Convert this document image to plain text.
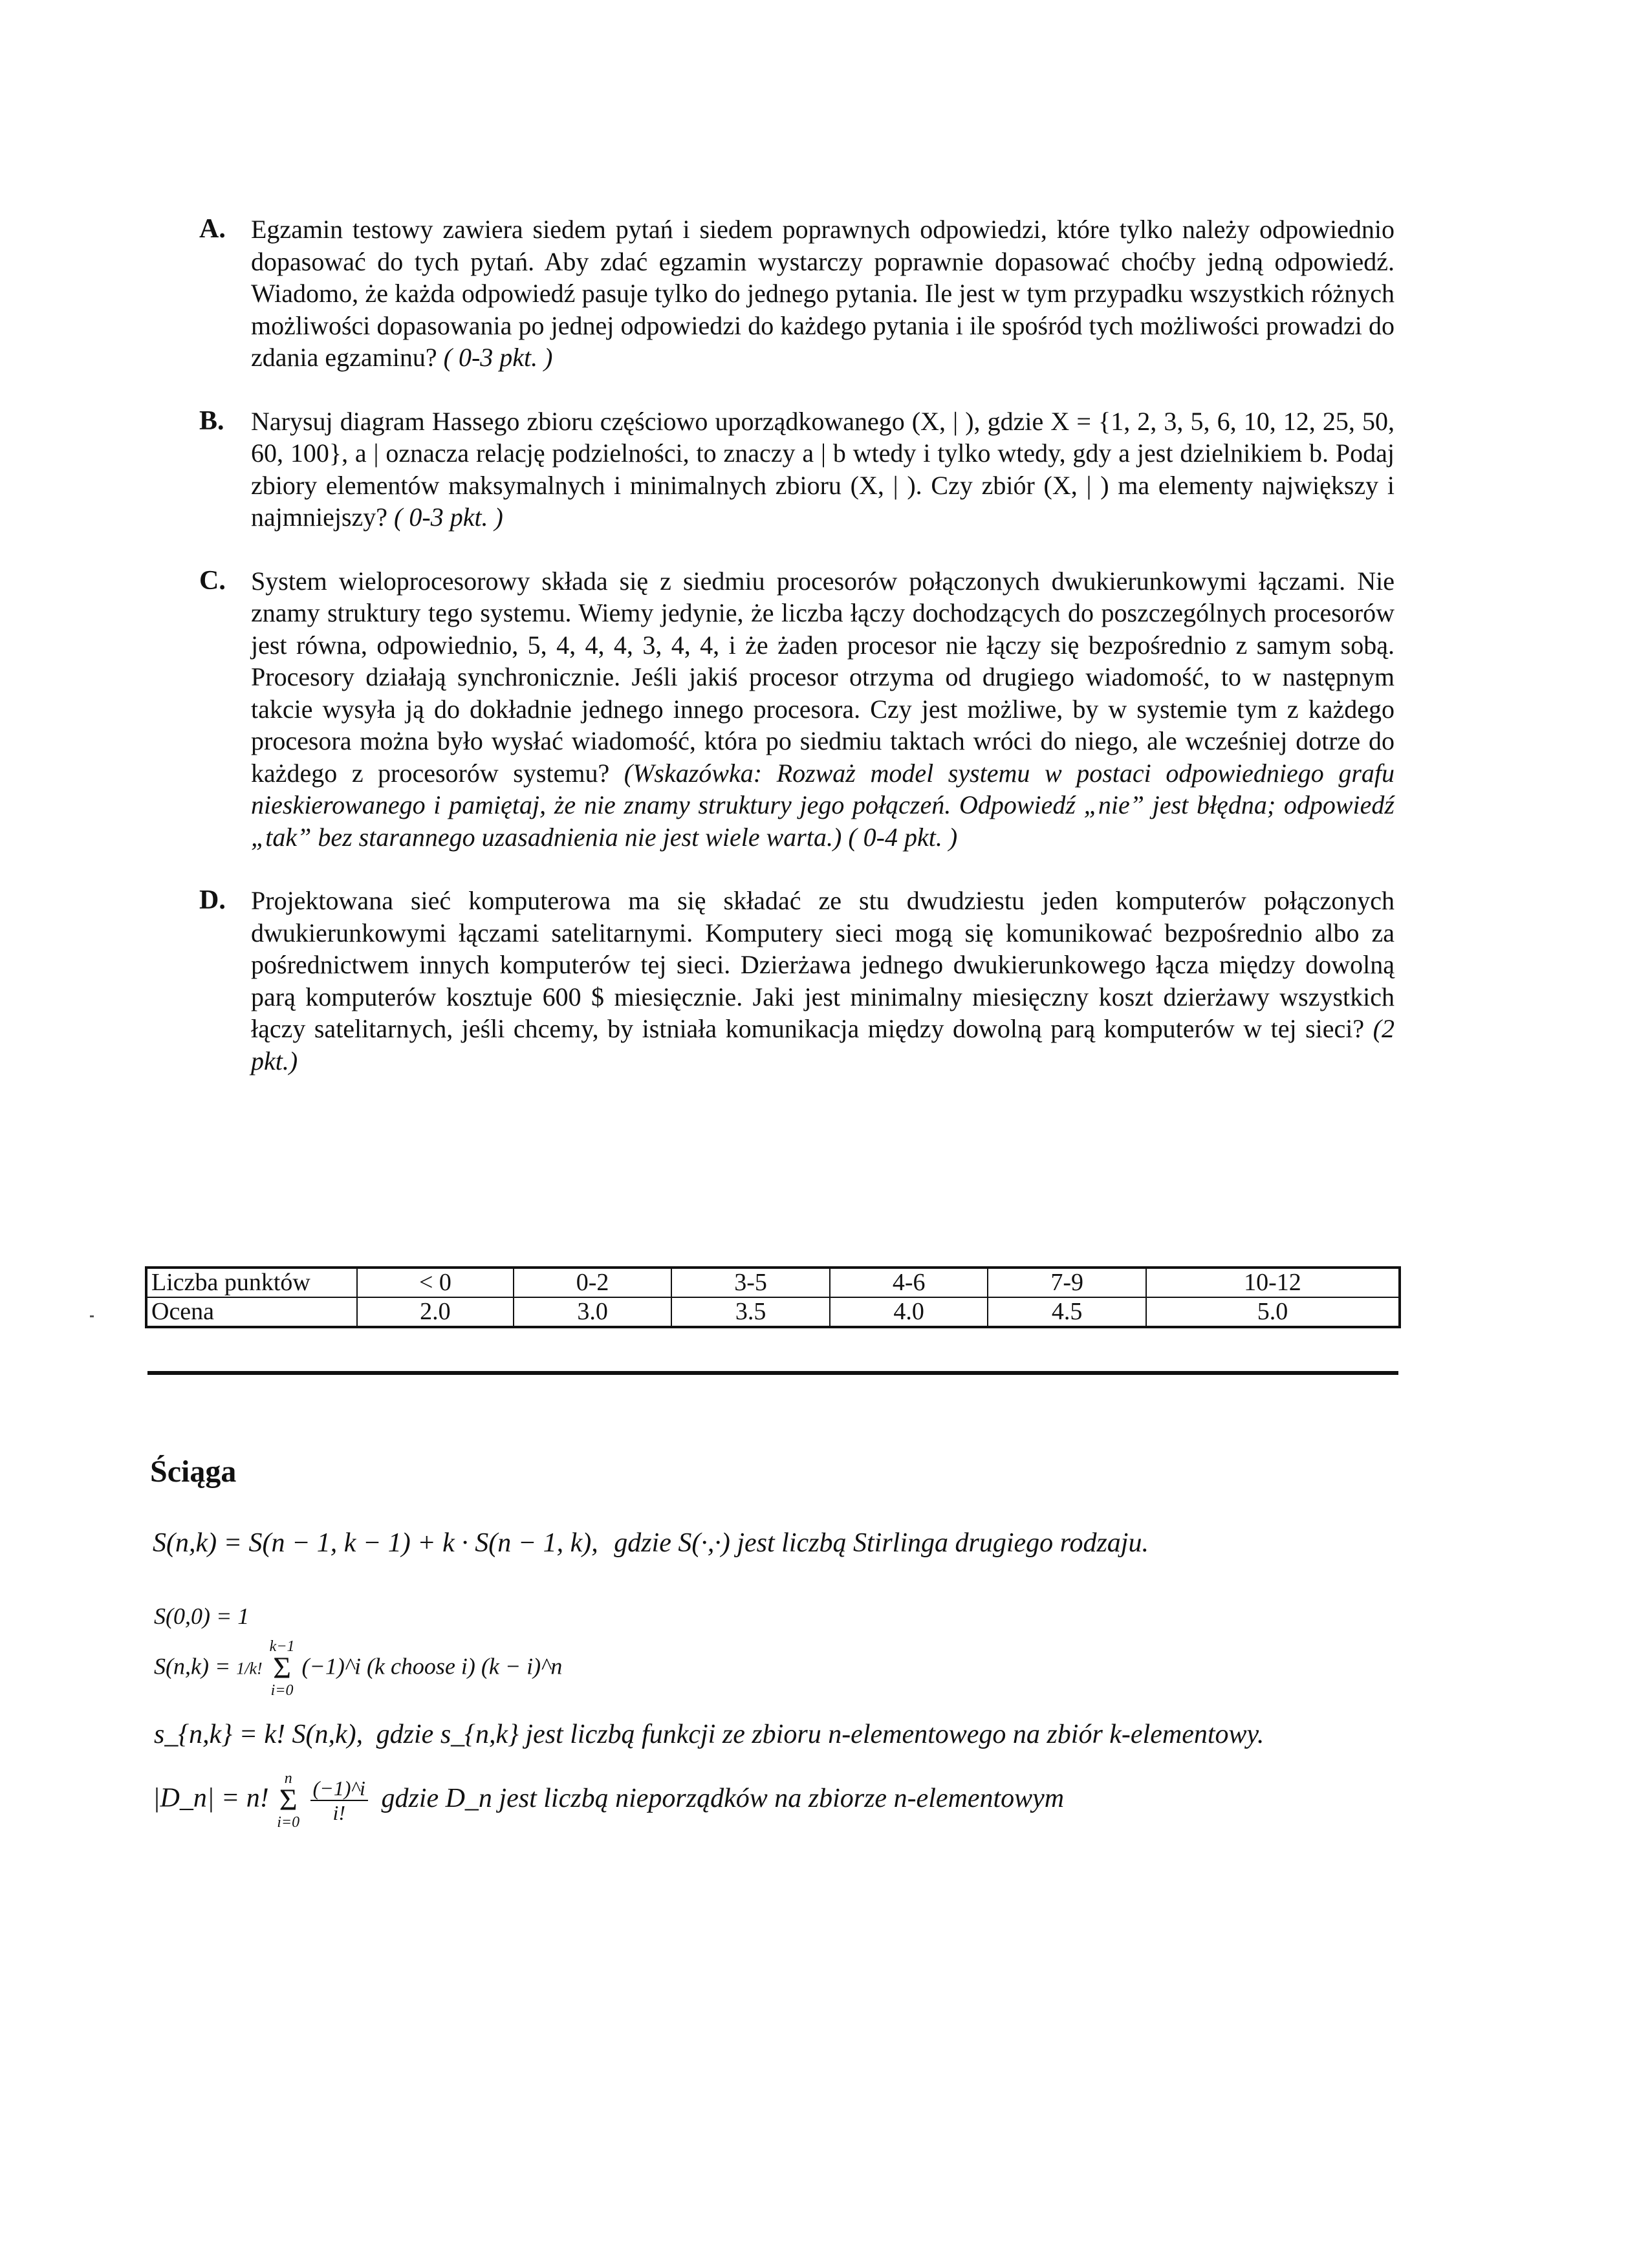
A. Egzamin testowy zawiera siedem pytań i siedem poprawnych odpowiedzi, które tylko należy odpowiednio dopasować do tych pytań. Aby zdać egzamin wystarczy poprawnie dopasować choćby jedną odpowiedź. Wiadomo, że każda odpowiedź pasuje tylko do jednego pytania. Ile jest w tym przypadku wszystkich różnych możliwości dopasowania po jednej odpowiedzi do każdego pytania i ile spośród tych możliwości prowadzi do zdania egzaminu? ( 0-3 pkt. )
B. Narysuj diagram Hassego zbioru częściowo uporządkowanego (X, | ), gdzie X = {1, 2, 3, 5, 6, 10, 12, 25, 50, 60, 100}, a | oznacza relację podzielności, to znaczy a | b wtedy i tylko wtedy, gdy a jest dzielnikiem b. Podaj zbiory elementów maksymalnych i minimalnych zbioru (X, | ). Czy zbiór (X, | ) ma elementy największy i najmniejszy? ( 0-3 pkt. )
C. System wieloprocesorowy składa się z siedmiu procesorów połączonych dwukierunkowymi łączami. Nie znamy struktury tego systemu. Wiemy jedynie, że liczba łączy dochodzących do poszczególnych procesorów jest równa, odpowiednio, 5, 4, 4, 4, 3, 4, 4, i że żaden procesor nie łączy się bezpośrednio z samym sobą. Procesory działają synchronicznie. Jeśli jakiś procesor otrzyma od drugiego wiadomość, to w następnym takcie wysyła ją do dokładnie jednego innego procesora. Czy jest możliwe, by w systemie tym z każdego procesora można było wysłać wiadomość, która po siedmiu taktach wróci do niego, ale wcześniej dotrze do każdego z procesorów systemu? (Wskazówka: Rozważ model systemu w postaci odpowiedniego grafu nieskierowanego i pamiętaj, że nie znamy struktury jego połączeń. Odpowiedź „nie” jest błędna; odpowiedź „tak” bez starannego uzasadnienia nie jest wiele warta.) ( 0-4 pkt. )
D. Projektowana sieć komputerowa ma się składać ze stu dwudziestu jeden komputerów połączonych dwukierunkowymi łączami satelitarnymi. Komputery sieci mogą się komunikować bezpośrednio albo za pośrednictwem innych komputerów tej sieci. Dzierżawa jednego dwukierunkowego łącza między dowolną parą komputerów kosztuje 600 $ miesięcznie. Jaki jest minimalny miesięczny koszt dzierżawy wszystkich łączy satelitarnych, jeśli chcemy, by istniała komunikacja między dowolną parą komputerów w tej sieci? (2 pkt.)
Liczba punktów	< 0	0-2	3-5	4-6	7-9	10-12
Ocena	2.0	3.0	3.5	4.0	4.5	5.0
Ściąga
S(n,k) = S(n − 1, k − 1) + k · S(n − 1, k), gdzie S(·,·) jest liczbą Stirlinga drugiego rodzaju.
S(0,0) = 1
S(n,k) = 1/k!
k−1
Σ
i=0
(−1)^i (k choose i) (k − i)^n
s_{n,k} = k! S(n,k), gdzie s_{n,k} jest liczbą funkcji ze zbioru n-elementowego na zbiór k-elementowy.
|D_n| = n!
n
Σ
i=0
$\frac{(-1)\^{}i}{i!}$ gdzie D_n jest liczbą nieporządków na zbiorze n-elementowym
